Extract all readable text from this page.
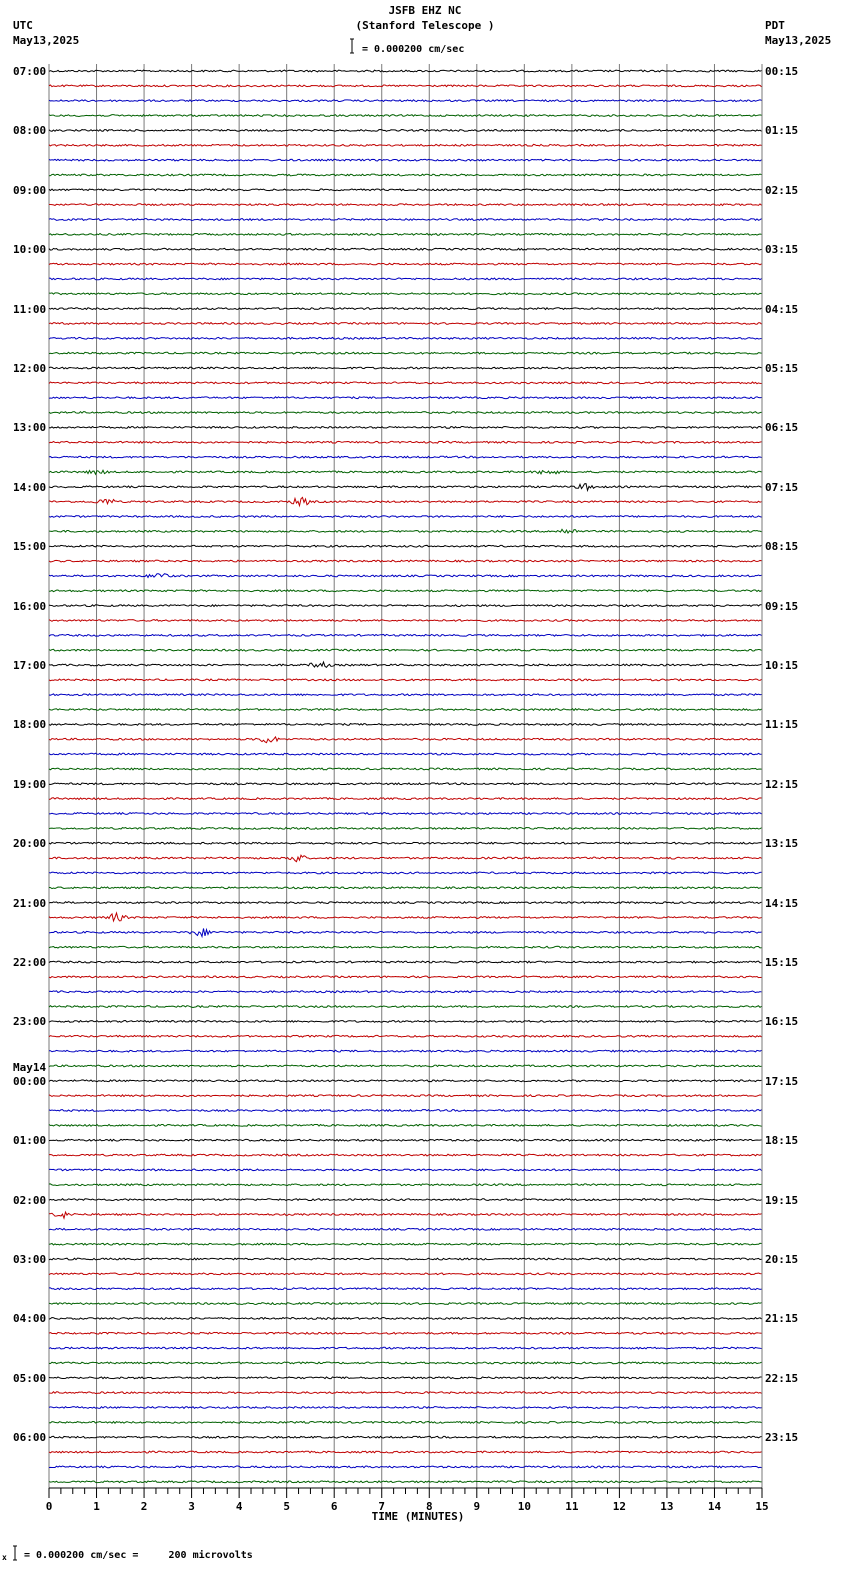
0	1	2	3	4	5	6	7	8	9	10	11	12	13	14	15
JSFB EHZ NC
(Stanford Telescope )
UTC
May13,2025
PDT
May13,2025
= 0.000200 cm/sec
07:00
08:00
09:00
10:00
11:00
12:00
13:00
14:00
15:00
16:00
17:00
18:00
19:00
20:00
21:00
22:00
23:00
00:00
May14
01:00
02:00
03:00
04:00
05:00
06:00
00:15
01:15
02:15
03:15
04:15
05:15
06:15
07:15
08:15
09:15
10:15
11:15
12:15
13:15
14:15
15:15
16:15
17:15
18:15
19:15
20:15
21:15
22:15
23:15
TIME (MINUTES)
x = 0.000200 cm/sec =     200 microvolts
